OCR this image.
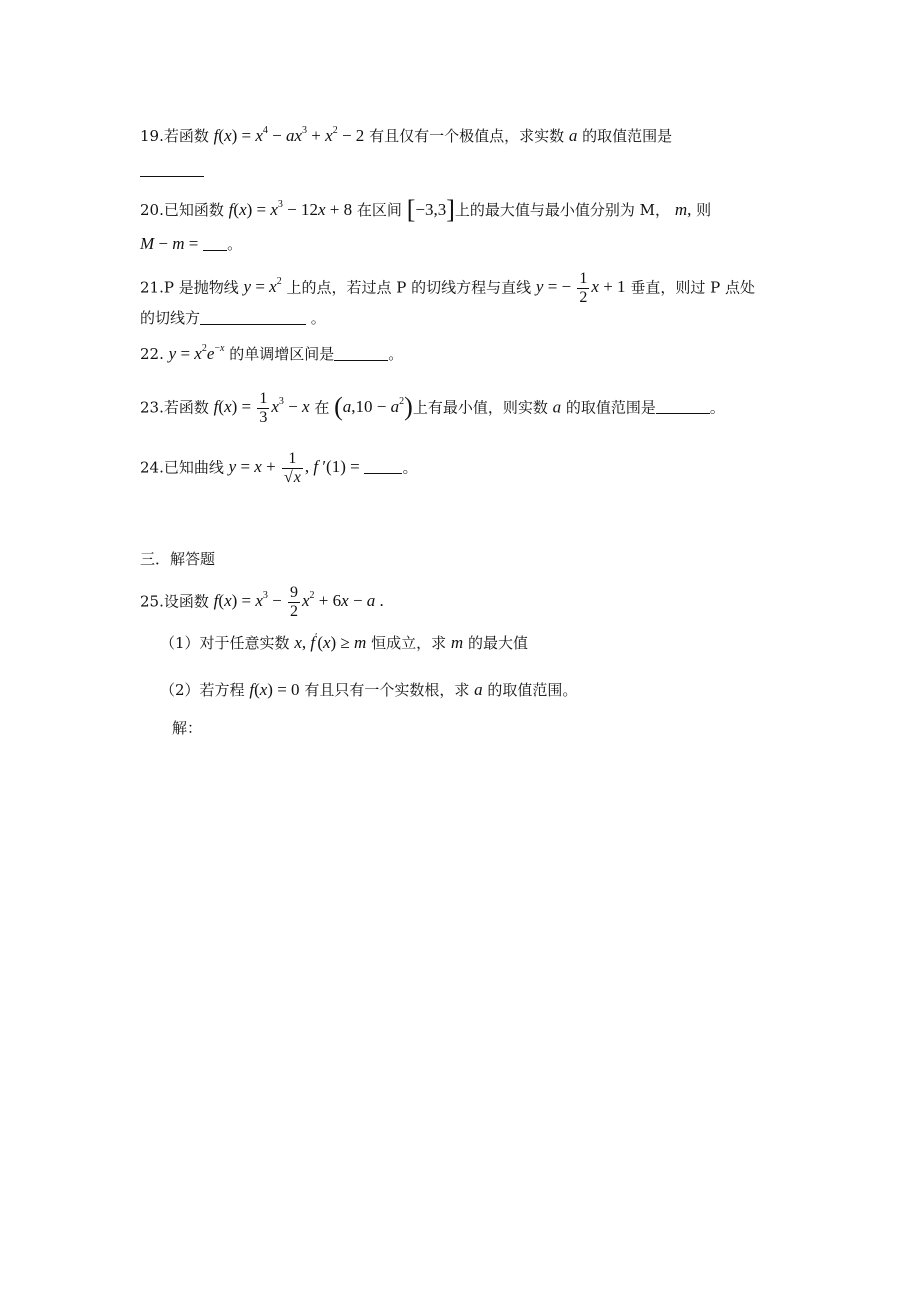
19.若函数 $f(x) = x^4 - ax^3 + x^2 - 2$ 有且仅有一个极值点，求实数 a 的取值范围是
20.已知函数 $f(x) = x^3 - 12x + 8$ 在区间 [−3,3]上的最大值与最小值分别为 M， m, 则
M − m = 。
21.P 是抛物线 $y = x^2$ 上的点，若过点 P 的切线方程与直线 y = − $\frac{1}{2}$ x + 1 垂直，则过 P 点处
的切线方	。
22. $y = x^2e^{-x}$ 的单调增区间是	。
23.若函数 $f(x) = \frac{1}{3} x^3 - x$ 在 $(a,10 - a^2)$上有最小值，则实数 a 的取值范围是	。
24.已知曲线 $y = x + \frac{1}{√x}$ , f ′(1) =	。
三．解答题
25.设函数 $f(x) = x^3 - \frac{9}{2} x^2 + 6x - a$ .
（1）对于任意实数 x, f′(x) ≥ m 恒成立，求 m 的最大值
（2）若方程 f(x) = 0 有且只有一个实数根，求 a 的取值范围。
解：
